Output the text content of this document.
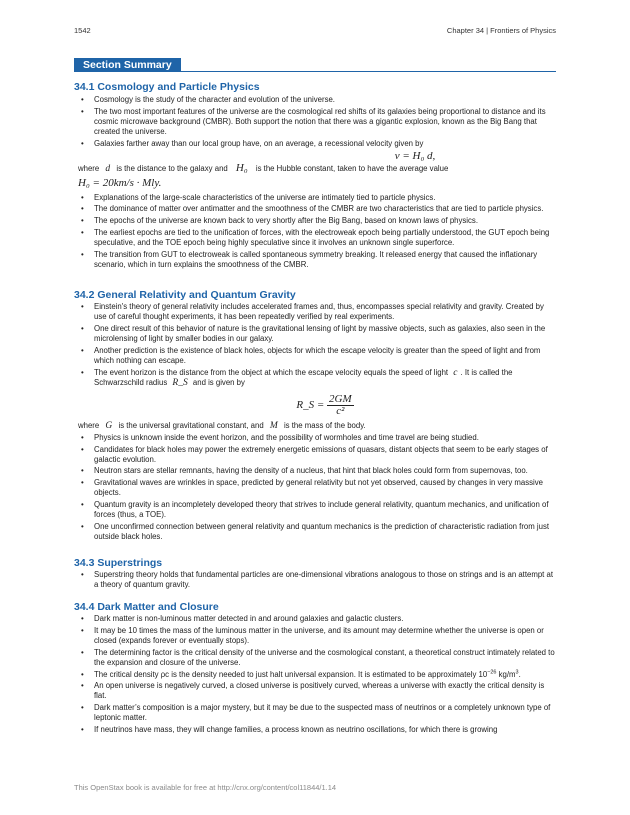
1542	Chapter 34 | Frontiers of Physics
Section Summary
34.1 Cosmology and Particle Physics
• Cosmology is the study of the character and evolution of the universe.
• The two most important features of the universe are the cosmological red shifts of its galaxies being proportional to distance and its cosmic microwave background (CMBR). Both support the notion that there was a gigantic explosion, known as the Big Bang that created the universe.
• Galaxies farther away than our local group have, on an average, a recessional velocity given by
v = H₀ d,
where d is the distance to the galaxy and H₀ is the Hubble constant, taken to have the average value
H₀ = 20km/s · Mly.
• Explanations of the large-scale characteristics of the universe are intimately tied to particle physics.
• The dominance of matter over antimatter and the smoothness of the CMBR are two characteristics that are tied to particle physics.
• The epochs of the universe are known back to very shortly after the Big Bang, based on known laws of physics.
• The earliest epochs are tied to the unification of forces, with the electroweak epoch being partially understood, the GUT epoch being speculative, and the TOE epoch being highly speculative since it involves an unknown single superforce.
• The transition from GUT to electroweak is called spontaneous symmetry breaking. It released energy that caused the inflationary scenario, which in turn explains the smoothness of the CMBR.
34.2 General Relativity and Quantum Gravity
• Einstein's theory of general relativity includes accelerated frames and, thus, encompasses special relativity and gravity. Created by use of careful thought experiments, it has been repeatedly verified by real experiments.
• One direct result of this behavior of nature is the gravitational lensing of light by massive objects, such as galaxies, also seen in the microlensing of light by smaller bodies in our galaxy.
• Another prediction is the existence of black holes, objects for which the escape velocity is greater than the speed of light and from which nothing can escape.
• The event horizon is the distance from the object at which the escape velocity equals the speed of light c . It is called the Schwarzschild radius R_S and is given by
R_S = $\frac{2GM}{\text{c²}}$
where G is the universal gravitational constant, and M is the mass of the body.
• Physics is unknown inside the event horizon, and the possibility of wormholes and time travel are being studied.
• Candidates for black holes may power the extremely energetic emissions of quasars, distant objects that seem to be early stages of galactic evolution.
• Neutron stars are stellar remnants, having the density of a nucleus, that hint that black holes could form from supernovas, too.
• Gravitational waves are wrinkles in space, predicted by general relativity but not yet observed, caused by changes in very massive objects.
• Quantum gravity is an incompletely developed theory that strives to include general relativity, quantum mechanics, and unification of forces (thus, a TOE).
• One unconfirmed connection between general relativity and quantum mechanics is the prediction of characteristic radiation from just outside black holes.
34.3 Superstrings
• Superstring theory holds that fundamental particles are one-dimensional vibrations analogous to those on strings and is an attempt at a theory of quantum gravity.
34.4 Dark Matter and Closure
• Dark matter is non-luminous matter detected in and around galaxies and galactic clusters.
• It may be 10 times the mass of the luminous matter in the universe, and its amount may determine whether the universe is open or closed (expands forever or eventually stops).
• The determining factor is the critical density of the universe and the cosmological constant, a theoretical construct intimately related to the expansion and closure of the universe.
• The critical density ρc is the density needed to just halt universal expansion. It is estimated to be approximately $10^{-26}$ $kg/m^3$.
• An open universe is negatively curved, a closed universe is positively curved, whereas a universe with exactly the critical density is flat.
• Dark matter’s composition is a major mystery, but it may be due to the suspected mass of neutrinos or a completely unknown type of leptonic matter.
• If neutrinos have mass, they will change families, a process known as neutrino oscillations, for which there is growing
This OpenStax book is available for free at http://cnx.org/content/col11844/1.14
